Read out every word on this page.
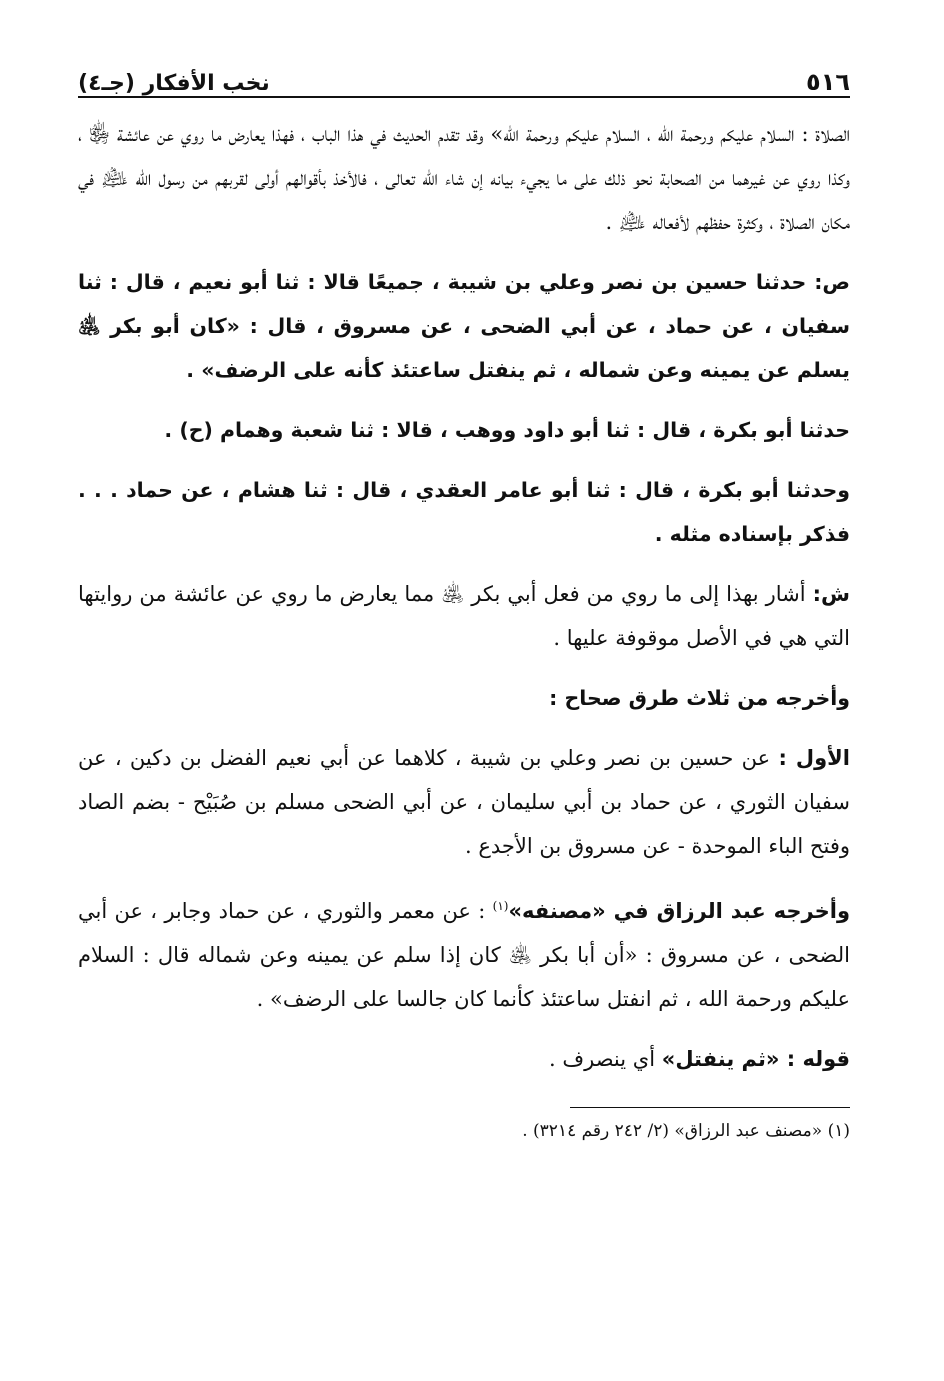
٥١٦
نخب الأفكار (جـ٤)

الصلاة : السلام عليكم ورحمة الله ، السلام عليكم ورحمة الله» وقد تقدم الحديث في هذا الباب ، فهذا يعارض ما روي عن عائشة ﵂ ، وكذا روي عن غيرهما من الصحابة نحو ذلك على ما يجيء بيانه إن شاء الله تعالى ، فالأخذ بأقوالهم أولى لقربهم من رسول الله ﵇ في مكان الصلاة ، وكثرة حفظهم لأفعاله ﵇ .

ص: حدثنا حسين بن نصر وعلي بن شيبة ، جميعًا قالا : ثنا أبو نعيم ، قال : ثنا سفيان ، عن حماد ، عن أبي الضحى ، عن مسروق ، قال : «كان أبو بكر ﵁ يسلم عن يمينه وعن شماله ، ثم ينفتل ساعتئذ كأنه على الرضف» .

حدثنا أبو بكرة ، قال : ثنا أبو داود ووهب ، قالا : ثنا شعبة وهمام (ح) .

وحدثنا أبو بكرة ، قال : ثنا أبو عامر العقدي ، قال : ثنا هشام ، عن حماد . . . فذكر بإسناده مثله .

ش: أشار بهذا إلى ما روي من فعل أبي بكر ﵁ مما يعارض ما روي عن عائشة من روايتها التي هي في الأصل موقوفة عليها .

وأخرجه من ثلاث طرق صحاح :

الأول : عن حسين بن نصر وعلي بن شيبة ، كلاهما عن أبي نعيم الفضل بن دكين ، عن سفيان الثوري ، عن حماد بن أبي سليمان ، عن أبي الضحى مسلم بن صُبَيْح - بضم الصاد وفتح الباء الموحدة - عن مسروق بن الأجدع .

وأخرجه عبد الرزاق في «مصنفه»$^{(١)}$ : عن معمر والثوري ، عن حماد وجابر ، عن أبي الضحى ، عن مسروق : «أن أبا بكر ﵁ كان إذا سلم عن يمينه وعن شماله قال : السلام عليكم ورحمة الله ، ثم انفتل ساعتئذ كأنما كان جالسا على الرضف» .

قوله : «ثم ينفتل» أي ينصرف .

(١) «مصنف عبد الرزاق» (٢/ ٢٤٢ رقم ٣٢١٤) .
